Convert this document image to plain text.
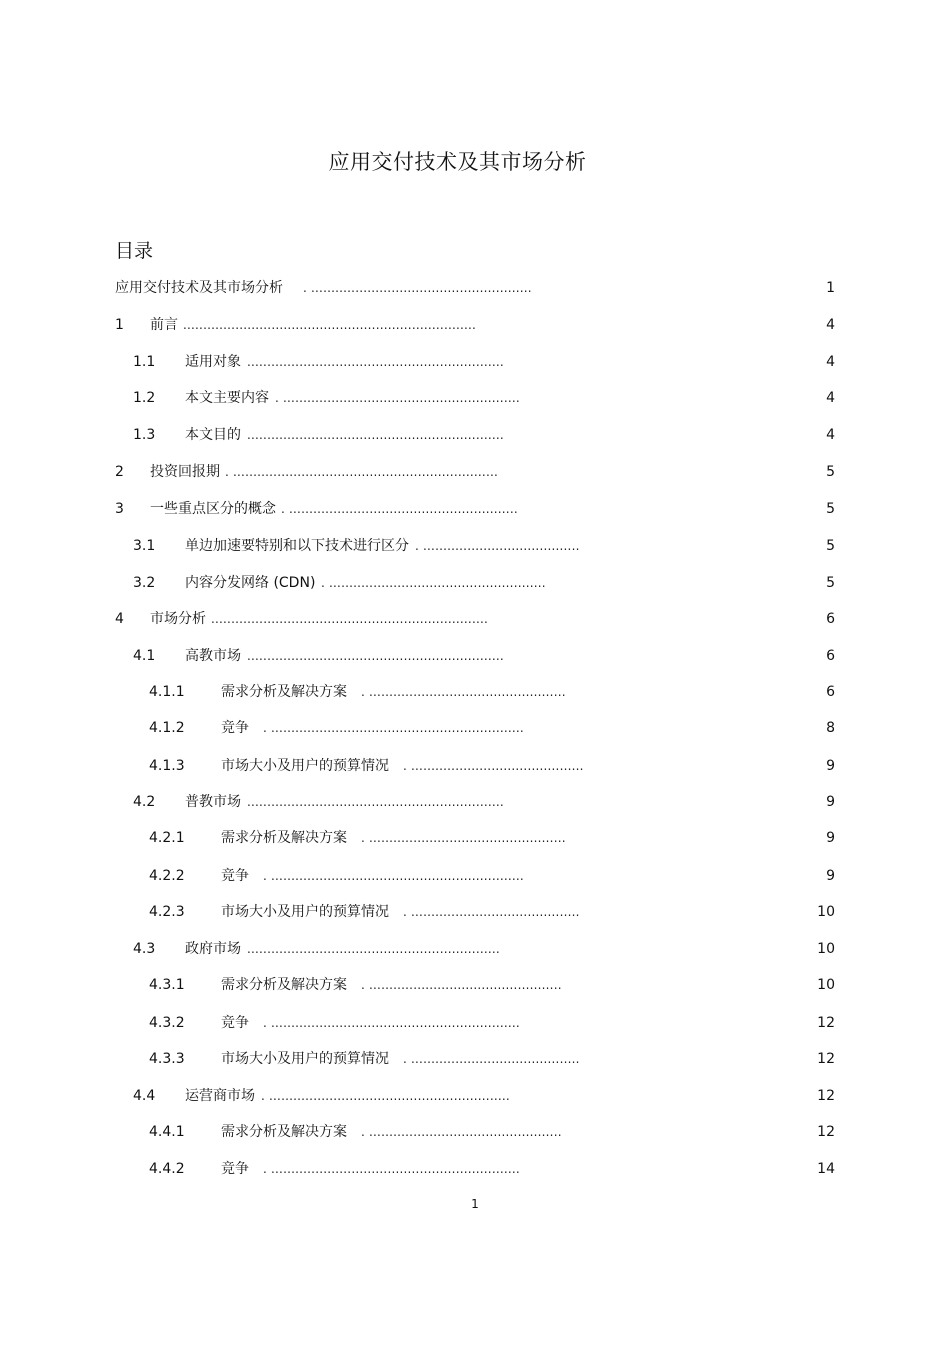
应用交付技术及其市场分析
目录
应用交付技术及其市场分析 . .......................................................	1
1 前言 .........................................................................	4
1.1 适用对象 ................................................................	4
1.2 本文主要内容 . ...........................................................	4
1.3 本文目的 ................................................................	4
2 投资回报期 . ..................................................................	5
3 一些重点区分的概念 . .........................................................	5
3.1 单边加速要特别和以下技术进行区分 . .......................................	5
3.2 内容分发网络 (CDN) . ......................................................	5
4 市场分析 .....................................................................	6
4.1 高教市场 ................................................................	6
4.1.1	需求分析及解决方案 . .................................................	6
4.1.2	竞争 . ...............................................................	8
4.1.3	市场大小及用户的预算情况 . ...........................................	9
4.2 普教市场 ................................................................	9
4.2.1	需求分析及解决方案 . .................................................	9
4.2.2	竞争 . ...............................................................	9
4.2.3	市场大小及用户的预算情况 . ..........................................	10
4.3 政府市场 ...............................................................	10
4.3.1	需求分析及解决方案 . ................................................	10
4.3.2	竞争 . ..............................................................	12
4.3.3	市场大小及用户的预算情况 . ..........................................	12
4.4 运营商市场 . ............................................................	12
4.4.1	需求分析及解决方案 . ................................................	12
4.4.2	竞争 . ..............................................................	14
1
